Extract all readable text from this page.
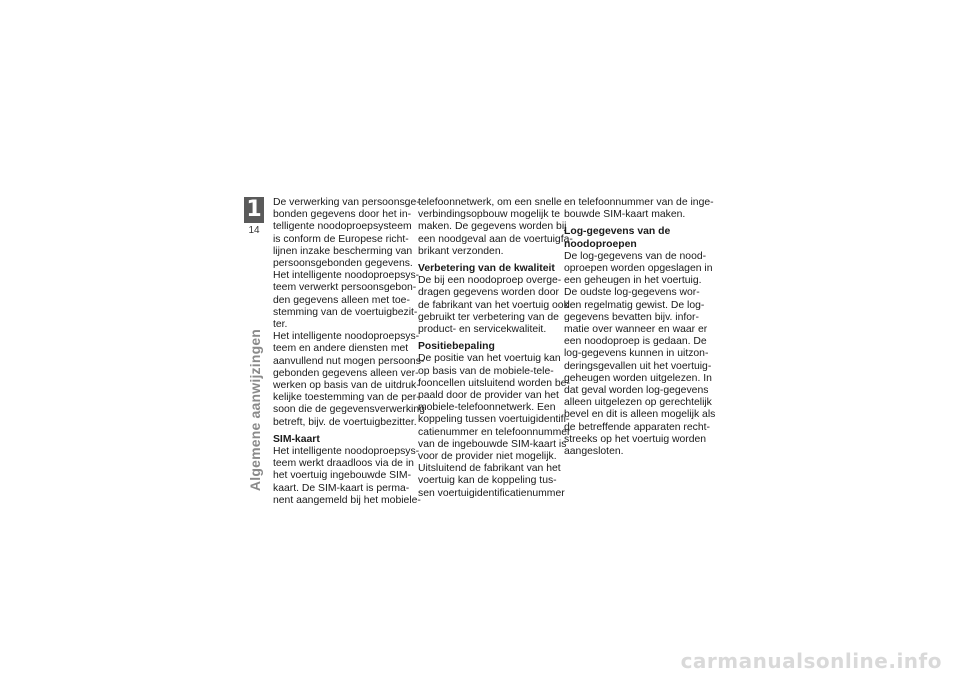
1
14
Algemene aanwijzingen
De verwerking van persoonsge-
bonden gegevens door het in-
telligente noodoproepsysteem
is conform de Europese richt-
lijnen inzake bescherming van
persoonsgebonden gegevens.
Het intelligente noodoproepsys-
teem verwerkt persoonsgebon-
den gegevens alleen met toe-
stemming van de voertuigbezit-
ter.
Het intelligente noodoproepsys-
teem en andere diensten met
aanvullend nut mogen persoons-
gebonden gegevens alleen ver-
werken op basis van de uitdruk-
kelijke toestemming van de per-
soon die de gegevensverwerking
betreft, bijv. de voertuigbezitter.
SIM-kaart
Het intelligente noodoproepsys-
teem werkt draadloos via de in
het voertuig ingebouwde SIM-
kaart. De SIM-kaart is perma-
nent aangemeld bij het mobiele-
telefoonnetwerk, om een snelle
verbindingsopbouw mogelijk te
maken. De gegevens worden bij
een noodgeval aan de voertuigfa-
brikant verzonden.
Verbetering van de kwaliteit
De bij een noodoproep overge-
dragen gegevens worden door
de fabrikant van het voertuig ook
gebruikt ter verbetering van de
product- en servicekwaliteit.
Positiebepaling
De positie van het voertuig kan
op basis van de mobiele-tele-
fooncellen uitsluitend worden be-
paald door de provider van het
mobiele-telefoonnetwerk. Een
koppeling tussen voertuigidentifi-
catienummer en telefoonnummer
van de ingebouwde SIM-kaart is
voor de provider niet mogelijk.
Uitsluitend de fabrikant van het
voertuig kan de koppeling tus-
sen voertuigidentificatienummer
en telefoonnummer van de inge-
bouwde SIM-kaart maken.
Log-gegevens van de
noodoproepen
De log-gegevens van de nood-
oproepen worden opgeslagen in
een geheugen in het voertuig.
De oudste log-gegevens wor-
den regelmatig gewist. De log-
gegevens bevatten bijv. infor-
matie over wanneer en waar er
een noodoproep is gedaan. De
log-gegevens kunnen in uitzon-
deringsgevallen uit het voertuig-
geheugen worden uitgelezen. In
dat geval worden log-gegevens
alleen uitgelezen op gerechtelijk
bevel en dit is alleen mogelijk als
de betreffende apparaten recht-
streeks op het voertuig worden
aangesloten.
carmanualsonline.info
